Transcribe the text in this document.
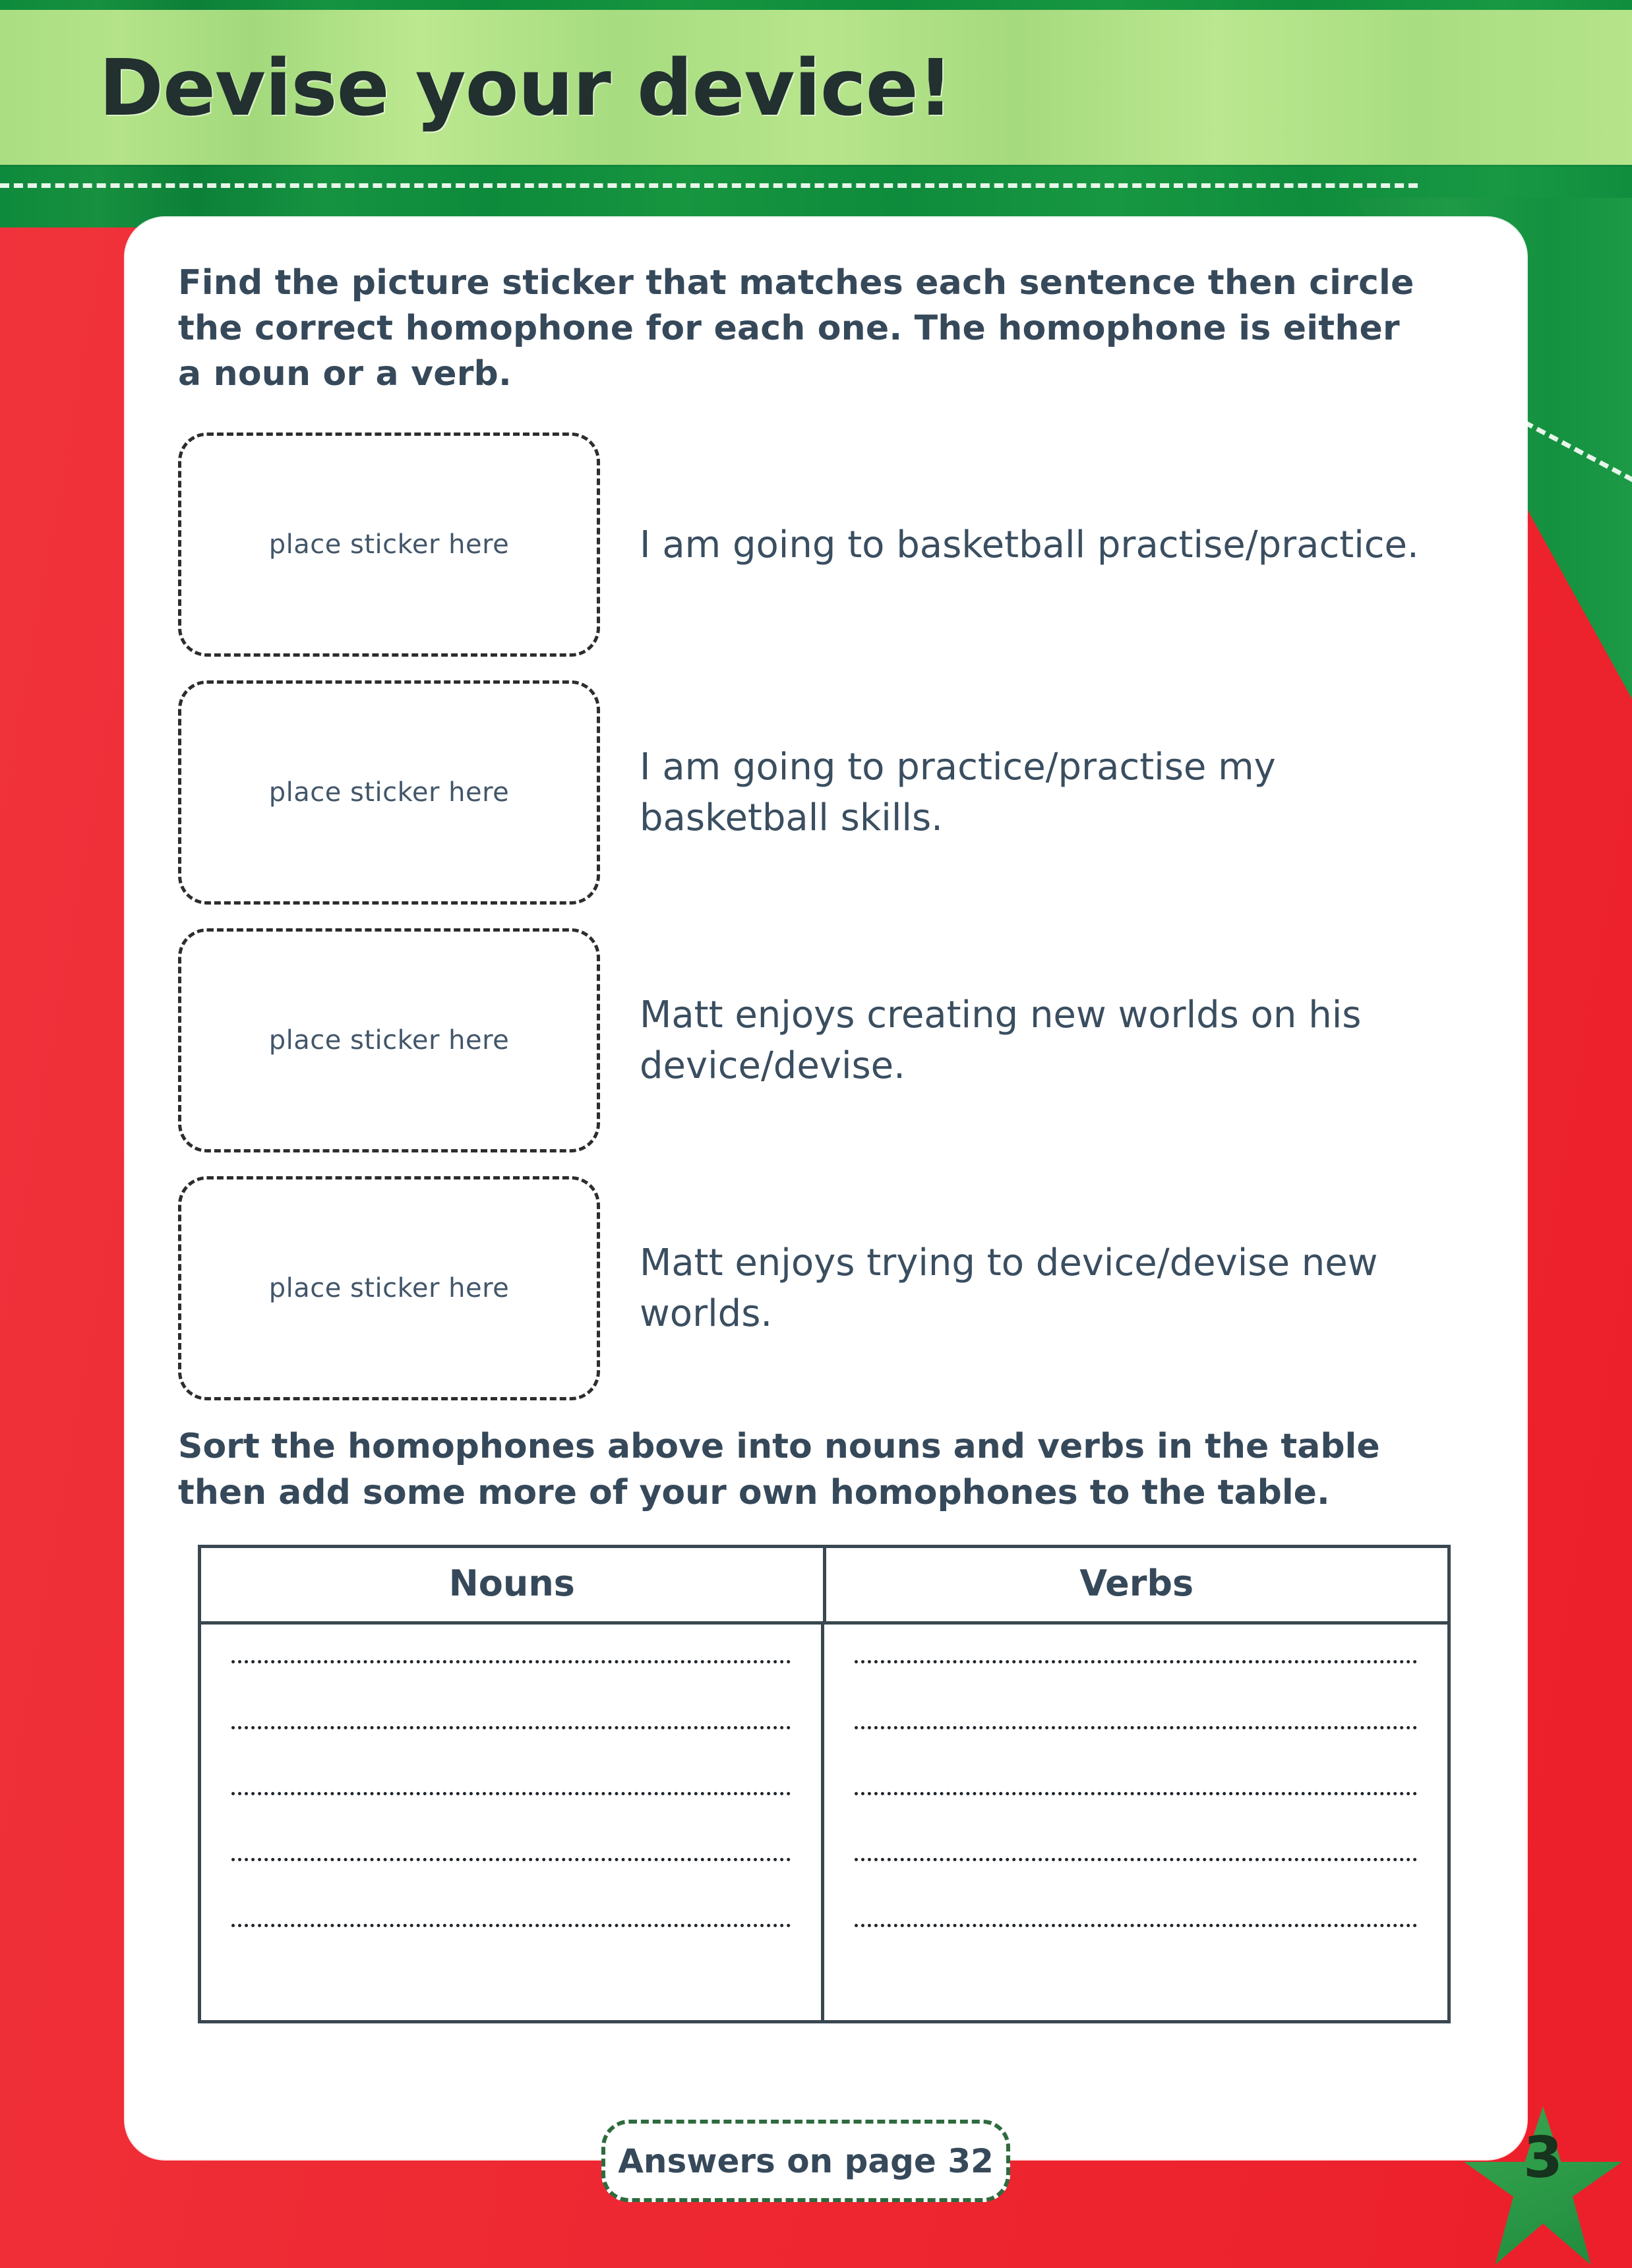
Devise your device!
Find the picture sticker that matches each sentence then circle the correct homophone for each one. The homophone is either a noun or a verb.
place sticker here	I am going to basketball practise/practice.
place sticker here
I am going to practice/practise my basketball skills.
place sticker here
Matt enjoys creating new worlds on his device/devise.
place sticker here
Matt enjoys trying to device/devise new worlds.
Sort the homophones above into nouns and verbs in the table then add some more of your own homophones to the table.
Nouns	Verbs
Answers on page 32	3
